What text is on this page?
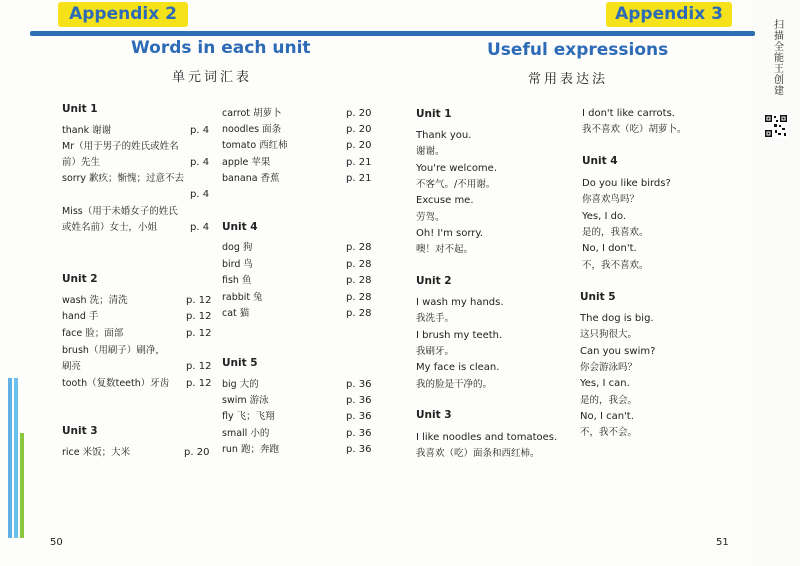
Appendix 2	Appendix 3
Words in each unit
单元词汇表
Useful expressions
常用表达法
Unit 1
thank 谢谢	p. 4
Mr（用于男子的姓氏或姓名
前）先生	p. 4
sorry 歉疚；惭愧；过意不去
p. 4
Miss（用于未婚女子的姓氏
或姓名前）女士，小姐	p. 4
Unit 2
wash 洗；清洗	p. 12
hand 手	p. 12
face 脸；面部	p. 12
brush（用刷子）刷净，
刷亮	p. 12
tooth（复数teeth）牙齿 p. 12
Unit 3
rice 米饭；大米	p. 20
carrot 胡萝卜	p. 20
noodles 面条	p. 20
tomato 西红柿	p. 20
apple 苹果	p. 21
banana 香蕉	p. 21
Unit 4
dog 狗	p. 28
bird 鸟	p. 28
fish 鱼	p. 28
rabbit 兔	p. 28
cat 猫	p. 28
Unit 5
big 大的	p. 36
swim 游泳	p. 36
fly 飞；飞翔	p. 36
small 小的	p. 36
run 跑；奔跑	p. 36
Unit 1
Thank you.
谢谢。
You're welcome.
不客气。/不用谢。
Excuse me.
劳驾。
Oh! I'm sorry.
噢！对不起。
Unit 2
I wash my hands.
我洗手。
I brush my teeth.
我刷牙。
My face is clean.
我的脸是干净的。
Unit 3
I like noodles and tomatoes.
我喜欢（吃）面条和西红柿。
I don't like carrots.
我不喜欢（吃）胡萝卜。
Unit 4
Do you like birds?
你喜欢鸟吗？
Yes, I do.
是的，我喜欢。
No, I don't.
不，我不喜欢。
Unit 5
The dog is big.
这只狗很大。
Can you swim?
你会游泳吗？
Yes, I can.
是的，我会。
No, I can't.
不，我不会。
50	51
扫
描
全
能
王
创
建
